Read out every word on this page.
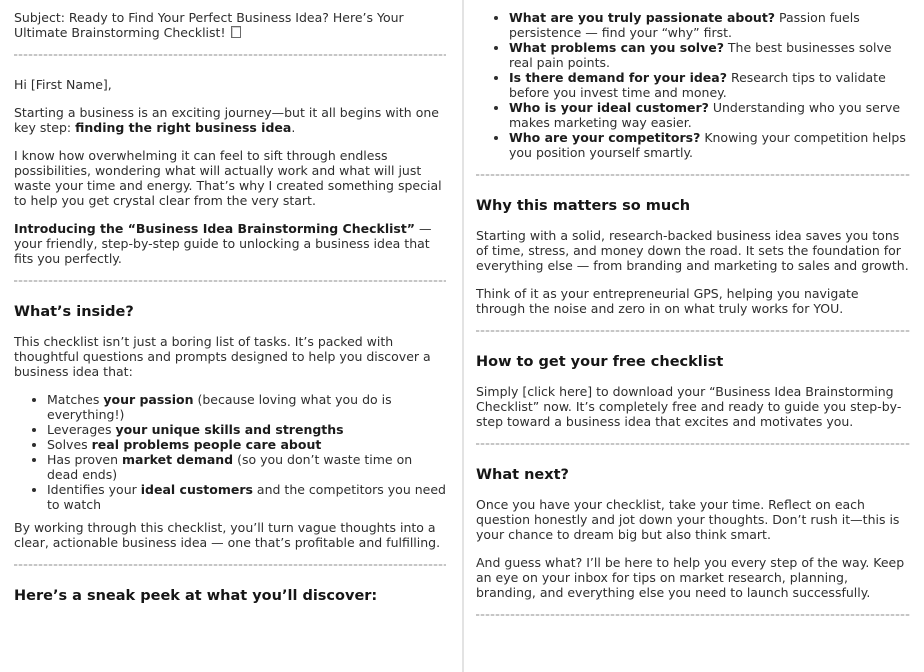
Subject: Ready to Find Your Perfect Business Idea? Here’s Your Ultimate Brainstorming Checklist!

Hi [First Name],

Starting a business is an exciting journey—but it all begins with one key step: finding the right business idea.

I know how overwhelming it can feel to sift through endless possibilities, wondering what will actually work and what will just waste your time and energy. That’s why I created something special to help you get crystal clear from the very start.

Introducing the “Business Idea Brainstorming Checklist” — your friendly, step-by-step guide to unlocking a business idea that fits you perfectly.

What’s inside?

This checklist isn’t just a boring list of tasks. It’s packed with thoughtful questions and prompts designed to help you discover a business idea that:

• Matches your passion (because loving what you do is everything!)
• Leverages your unique skills and strengths
• Solves real problems people care about
• Has proven market demand (so you don’t waste time on dead ends)
• Identifies your ideal customers and the competitors you need to watch

By working through this checklist, you’ll turn vague thoughts into a clear, actionable business idea — one that’s profitable and fulfilling.

Here’s a sneak peek at what you’ll discover:
• What are you truly passionate about? Passion fuels persistence — find your “why” first.
• What problems can you solve? The best businesses solve real pain points.
• Is there demand for your idea? Research tips to validate before you invest time and money.
• Who is your ideal customer? Understanding who you serve makes marketing way easier.
• Who are your competitors? Knowing your competition helps you position yourself smartly.
Why this matters so much

Starting with a solid, research-backed business idea saves you tons of time, stress, and money down the road. It sets the foundation for everything else — from branding and marketing to sales and growth.

Think of it as your entrepreneurial GPS, helping you navigate through the noise and zero in on what truly works for YOU.

How to get your free checklist

Simply [click here] to download your “Business Idea Brainstorming Checklist” now. It’s completely free and ready to guide you step-by-step toward a business idea that excites and motivates you.

What next?

Once you have your checklist, take your time. Reflect on each question honestly and jot down your thoughts. Don’t rush it—this is your chance to dream big but also think smart.

And guess what? I’ll be here to help you every step of the way. Keep an eye on your inbox for tips on market research, planning, branding, and everything else you need to launch successfully.
